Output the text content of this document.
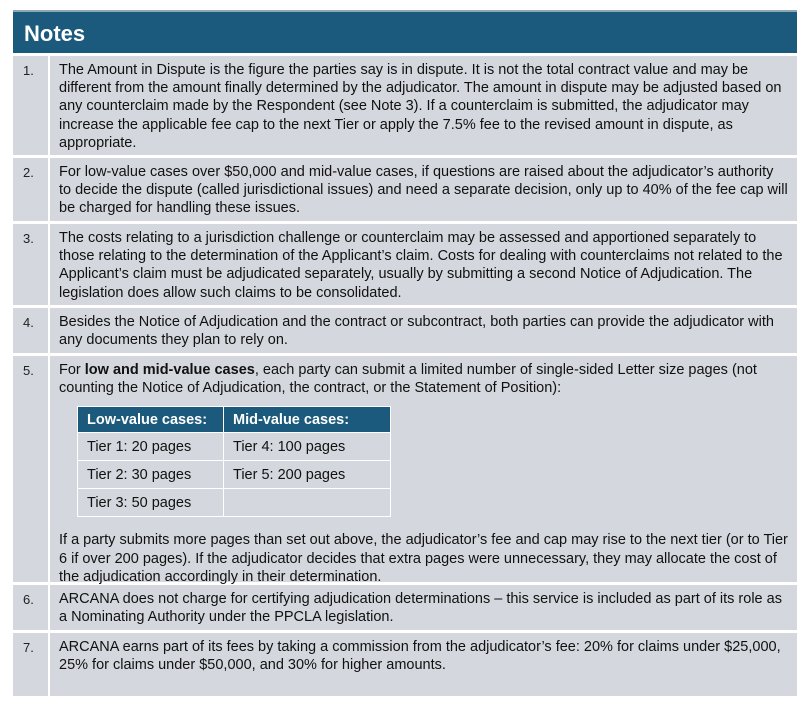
Notes
1.	The Amount in Dispute is the figure the parties say is in dispute. It is not the total contract value and may be different from the amount finally determined by the adjudicator. The amount in dispute may be adjusted based on any counterclaim made by the Respondent (see Note 3). If a counterclaim is submitted, the adjudicator may increase the applicable fee cap to the next Tier or apply the 7.5% fee to the revised amount in dispute, as appropriate.

2.	For low-value cases over $50,000 and mid-value cases, if questions are raised about the adjudicator’s authority to decide the dispute (called jurisdictional issues) and need a separate decision, only up to 40% of the fee cap will be charged for handling these issues.

3.	The costs relating to a jurisdiction challenge or counterclaim may be assessed and apportioned separately to those relating to the determination of the Applicant’s claim. Costs for dealing with counterclaims not related to the Applicant’s claim must be adjudicated separately, usually by submitting a second Notice of Adjudication. The legislation does allow such claims to be consolidated.

4.	Besides the Notice of Adjudication and the contract or subcontract, both parties can provide the adjudicator with any documents they plan to rely on.

5.	For low and mid-value cases, each party can submit a limited number of single-sided Letter size pages (not counting the Notice of Adjudication, the contract, or the Statement of Position):

Low-value cases:	Mid-value cases:
Tier 1: 20 pages	Tier 4: 100 pages
Tier 2: 30 pages	Tier 5: 200 pages
Tier 3: 50 pages	

If a party submits more pages than set out above, the adjudicator’s fee and cap may rise to the next tier (or to Tier 6 if over 200 pages). If the adjudicator decides that extra pages were unnecessary, they may allocate the cost of the adjudication accordingly in their determination.

6.	ARCANA does not charge for certifying adjudication determinations – this service is included as part of its role as a Nominating Authority under the PPCLA legislation.

7.	ARCANA earns part of its fees by taking a commission from the adjudicator’s fee: 20% for claims under $25,000, 25% for claims under $50,000, and 30% for higher amounts.
